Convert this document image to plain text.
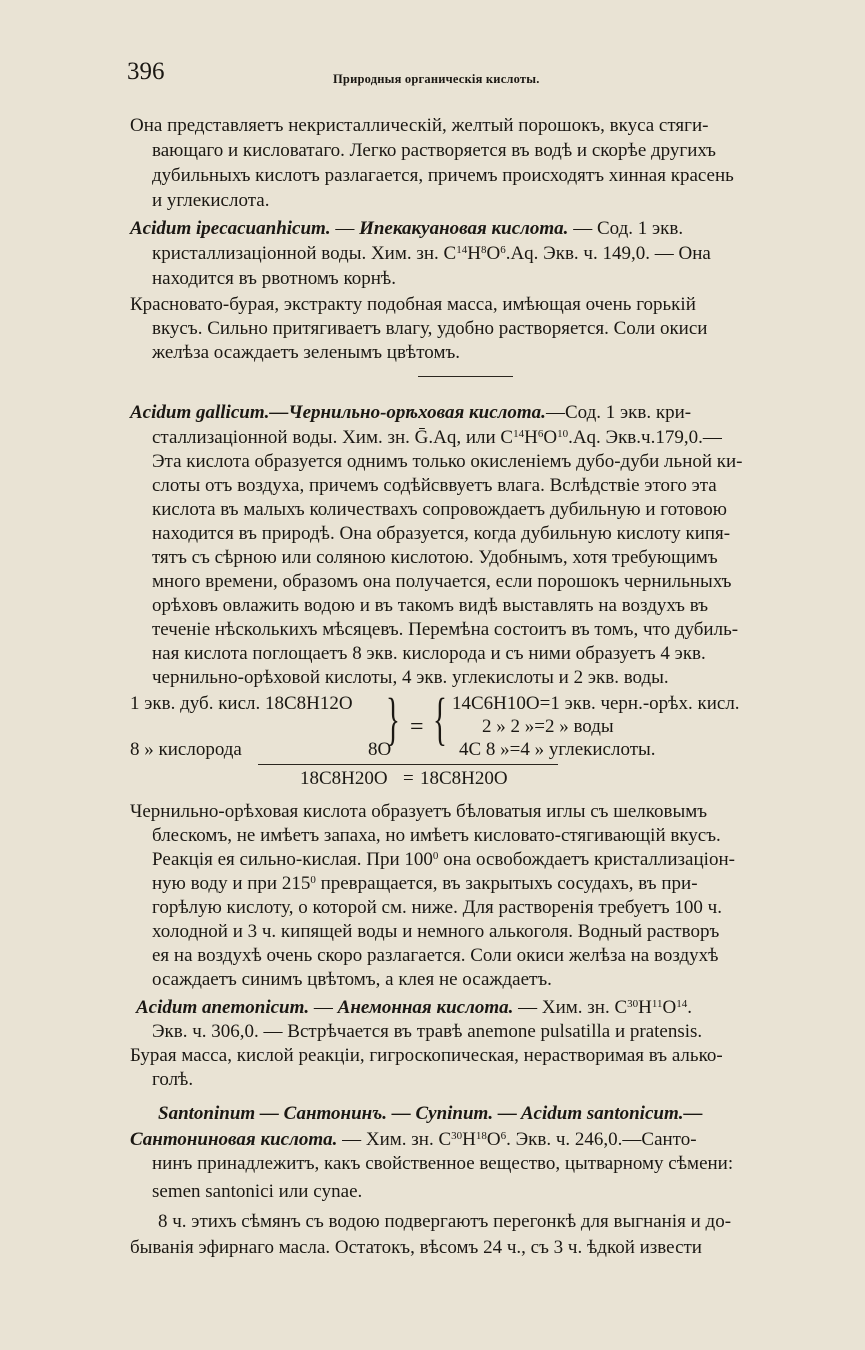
396	Природныя органическія кислоты.
Она представляетъ некристаллическій, желтый порошокъ, вкуса стяги-
вающаго и кисловатаго. Легко растворяется въ водѣ и скорѣе другихъ
дубильныхъ кислотъ разлагается, причемъ происходятъ хинная красень
и углекислота.
Acidum ipecacuanhicum. — Ипекакуановая кислота. — Сод. 1 экв.
кристаллизаціонной воды. Хим. зн. $C^{14}H^8O^6.Aq$. Экв. ч. 149,0. — Она
находится въ рвотномъ корнѣ.
Красновато-бурая, экстракту подобная масса, имѣющая очень горькій
вкусъ. Сильно притягиваетъ влагу, удобно растворяется. Соли окиси
желѣза осаждаетъ зеленымъ цвѣтомъ.
Acidum gallicum.—Чернильно-орѣховая кислота.—Сод. 1 экв. кри-
сталлизаціонной воды. Хим. зн. Ḡ.Aq, или $C^{14}H^6O^{10}.Aq$. Экв.ч.179,0.—
Эта кислота образуется однимъ только окисленіемъ дубо-дуби льной ки-
слоты отъ воздуха, причемъ содѣйсввуетъ влага. Вслѣдствіе этого эта
кислота въ малыхъ количествахъ сопровождаетъ дубильную и готовою
находится въ природѣ. Она образуется, когда дубильную кислоту кипя-
тятъ съ сѣрною или соляною кислотою. Удобнымъ, хотя требующимъ
много времени, образомъ она получается, если порошокъ чернильныхъ
орѣховъ овлажить водою и въ такомъ видѣ выставлять на воздухъ въ
теченіе нѣсколькихъ мѣсяцевъ. Перемѣна состоитъ въ томъ, что дубиль-
ная кислота поглощаетъ 8 экв. кислорода и съ ними образуетъ 4 экв.
чернильно-орѣховой кислоты, 4 экв. углекислоты и 2 экв. воды.
1 экв. дуб. кисл. 18C8H12O
8 » кислорода	8O
} = { 14C6H10O=1 экв. черн.-орѣх. кисл.
2 » 2 »=2 » воды
4C 8 »=4 » углекислоты.
18C8H20O = 18C8H20O
Чернильно-орѣховая кислота образуетъ бѣловатыя иглы съ шелковымъ
блескомъ, не имѣетъ запаха, но имѣетъ кисловато-стягивающій вкусъ.
Реакція ея сильно-кислая. При $100^0$ она освобождаетъ кристаллизаціон-
ную воду и при $215^0$ превращается, въ закрытыхъ сосудахъ, въ при-
горѣлую кислоту, о которой см. ниже. Для растворенія требуетъ 100 ч.
холодной и 3 ч. кипящей воды и немного алькоголя. Водный растворъ
ея на воздухѣ очень скоро разлагается. Соли окиси желѣза на воздухѣ
осаждаетъ синимъ цвѣтомъ, а клея не осаждаетъ.
Acidum anemonicum. — Анемонная кислота. — Хим. зн. $C^{30}H^{11}O^{14}$.
Экв. ч. 306,0. — Встрѣчается въ травѣ anemone pulsatilla и pratensis.
Бурая масса, кислой реакціи, гигроскопическая, нерастворимая въ алько-
голѣ.
Santoninum — Сантонинъ. — Cyninum. — Acidum santonicum.—
Сантониновая кислота. — Хим. зн. $C^{30}H^{18}O^6$. Экв. ч. 246,0.—Санто-
нинъ принадлежитъ, какъ свойственное вещество, цытварному сѣмени:
semen santonici или cynae.
8 ч. этихъ сѣмянъ съ водою подвергаютъ перегонкѣ для выгнанія и до-
быванія эфирнаго масла. Остатокъ, вѣсомъ 24 ч., съ 3 ч. ѣдкой извести
